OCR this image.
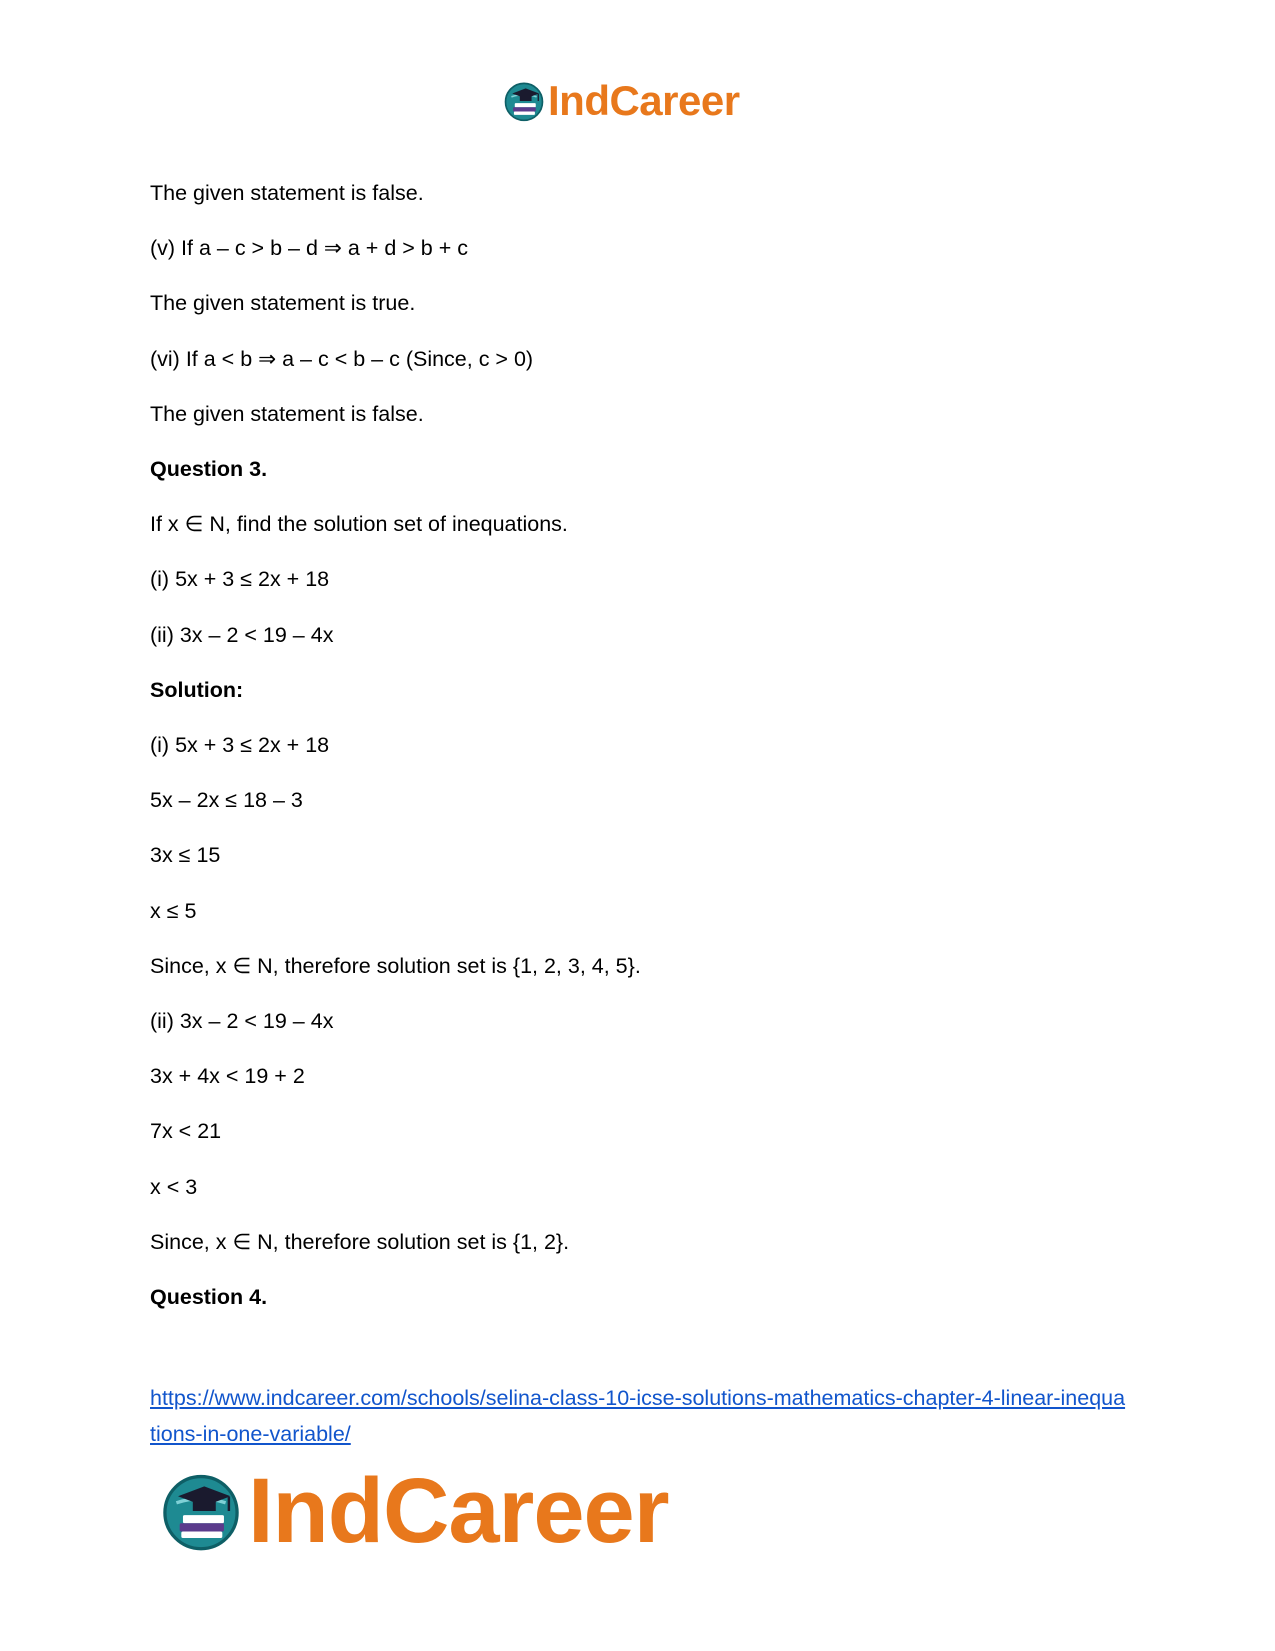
IndCareer
The given statement is false.
(v) If a – c > b – d ⇒ a + d > b + c
The given statement is true.
(vi) If a < b ⇒ a – c < b – c (Since, c > 0)
The given statement is false.
Question 3.
If x ∈ N, find the solution set of inequations.
(i) 5x + 3 ≤ 2x + 18
(ii) 3x – 2 < 19 – 4x
Solution:
(i) 5x + 3 ≤ 2x + 18
5x – 2x ≤ 18 – 3
3x ≤ 15
x ≤ 5
Since, x ∈ N, therefore solution set is {1, 2, 3, 4, 5}.
(ii) 3x – 2 < 19 – 4x
3x + 4x < 19 + 2
7x < 21
x < 3
Since, x ∈ N, therefore solution set is {1, 2}.
Question 4.
https://www.indcareer.com/schools/selina-class-10-icse-solutions-mathematics-chapter-4-linear-inequations-in-one-variable/
IndCareer
